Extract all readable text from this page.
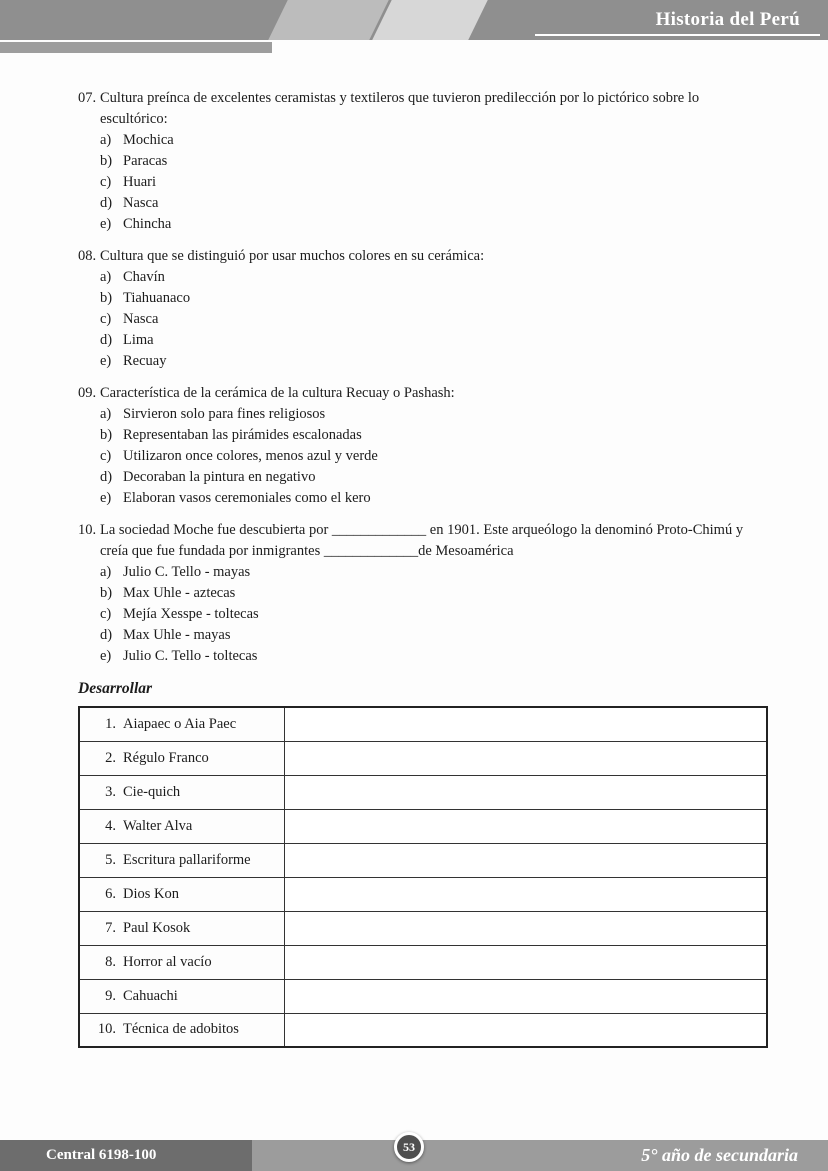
Historia del Perú
07. Cultura preínca de excelentes ceramistas y textileros que tuvieron predilección por lo pictórico sobre lo escultórico:
a) Mochica
b) Paracas
c) Huari
d) Nasca
e) Chincha
08. Cultura que se distinguió por usar muchos colores en su cerámica:
a) Chavín
b) Tiahuanaco
c) Nasca
d) Lima
e) Recuay
09. Característica de la cerámica de la cultura Recuay o Pashash:
a) Sirvieron solo para fines religiosos
b) Representaban las pirámides escalonadas
c) Utilizaron once colores, menos azul y verde
d) Decoraban la pintura en negativo
e) Elaboran vasos ceremoniales como el kero
10. La sociedad Moche fue descubierta por _____________ en 1901. Este arqueólogo la denominó Proto-Chimú y creía que fue fundada por inmigrantes _____________de Mesoamérica
a) Julio C. Tello - mayas
b) Max Uhle - aztecas
c) Mejía Xesspe - toltecas
d) Max Uhle - mayas
e) Julio C. Tello - toltecas
Desarrollar
1. Aiapaec o Aia Paec	
2. Régulo Franco	
3. Cie-quich	
4. Walter Alva	
5. Escritura pallariforme	
6. Dios Kon	
7. Paul Kosok	
8. Horror al vacío	
9. Cahuachi	
10. Técnica de adobitos	
Central 6198-100
53	5° año de secundaria
